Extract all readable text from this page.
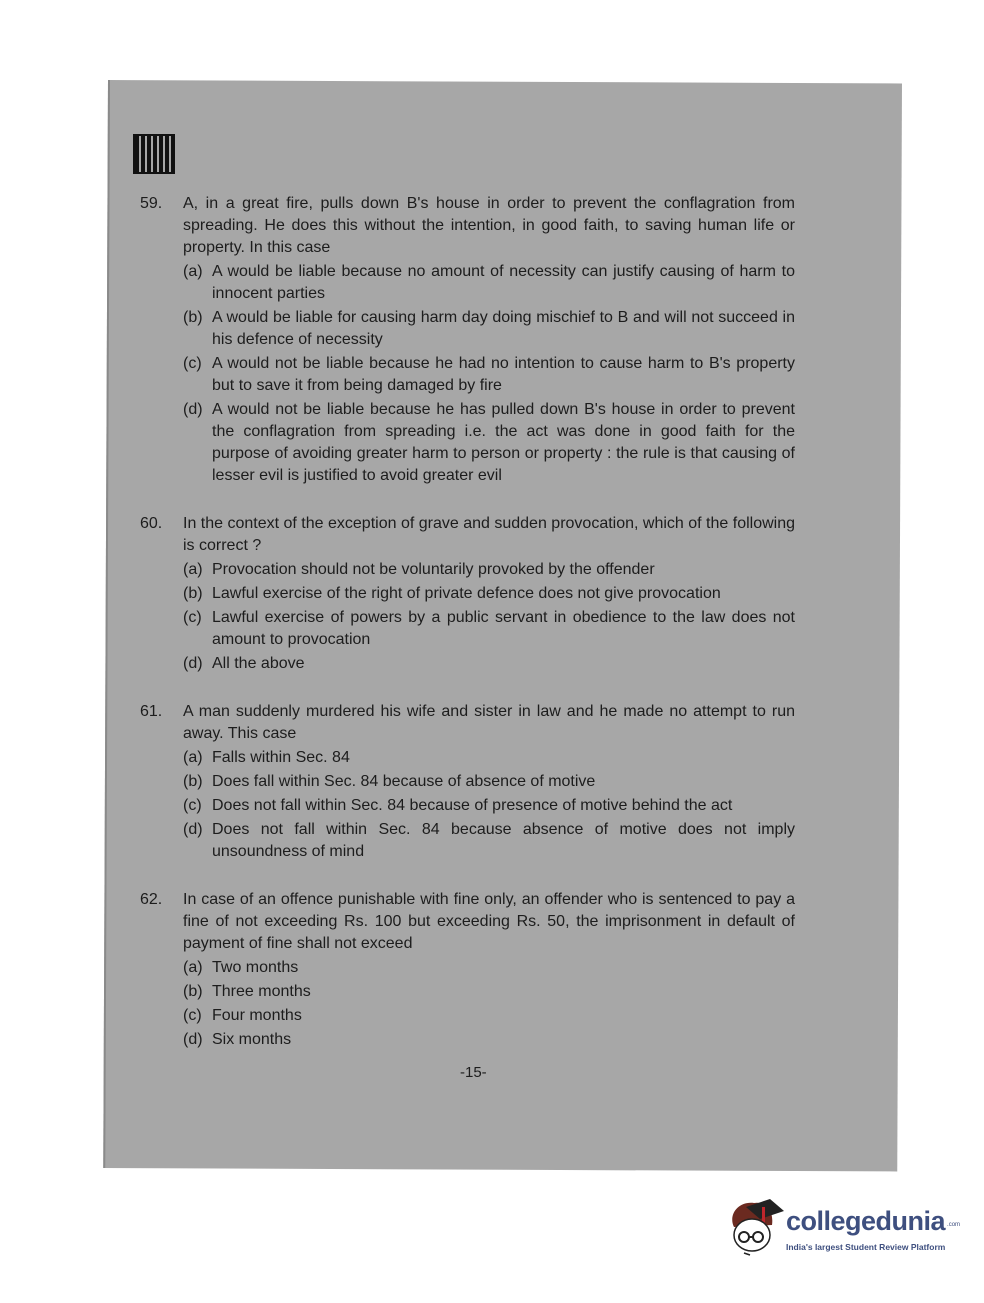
59.	A, in a great fire, pulls down B's house in order to prevent the conflagration from spreading. He does this without the intention, in good faith, to saving human life or property. In this case
(a) A would be liable because no amount of necessity can justify causing of harm to innocent parties
(b) A would be liable for causing harm day doing mischief to B and will not succeed in his defence of necessity
(c) A would not be liable because he had no intention to cause harm to B's property but to save it from being damaged by fire
(d) A would not be liable because he has pulled down B's house in order to prevent the conflagration from spreading i.e. the act was done in good faith for the purpose of avoiding greater harm to person or property : the rule is that causing of lesser evil is justified to avoid greater evil
60.	In the context of the exception of grave and sudden provocation, which of the following is correct ?
(a) Provocation should not be voluntarily provoked by the offender
(b) Lawful exercise of the right of private defence does not give provocation
(c) Lawful exercise of powers by a public servant in obedience to the law does not amount to provocation
(d) All the above
61.	A man suddenly murdered his wife and sister in law and he made no attempt to run away. This case
(a) Falls within Sec. 84
(b) Does fall within Sec. 84 because of absence of motive
(c) Does not fall within Sec. 84 because of presence of motive behind the act
(d) Does not fall within Sec. 84 because absence of motive does not imply unsoundness of mind
62.	In case of an offence punishable with fine only, an offender who is sentenced to pay a fine of not exceeding Rs. 100 but exceeding Rs. 50, the imprisonment in default of payment of fine shall not exceed
(a) Two months
(b) Three months
(c) Four months
(d) Six months
-15-
collegedunia .com
India's largest Student Review Platform
